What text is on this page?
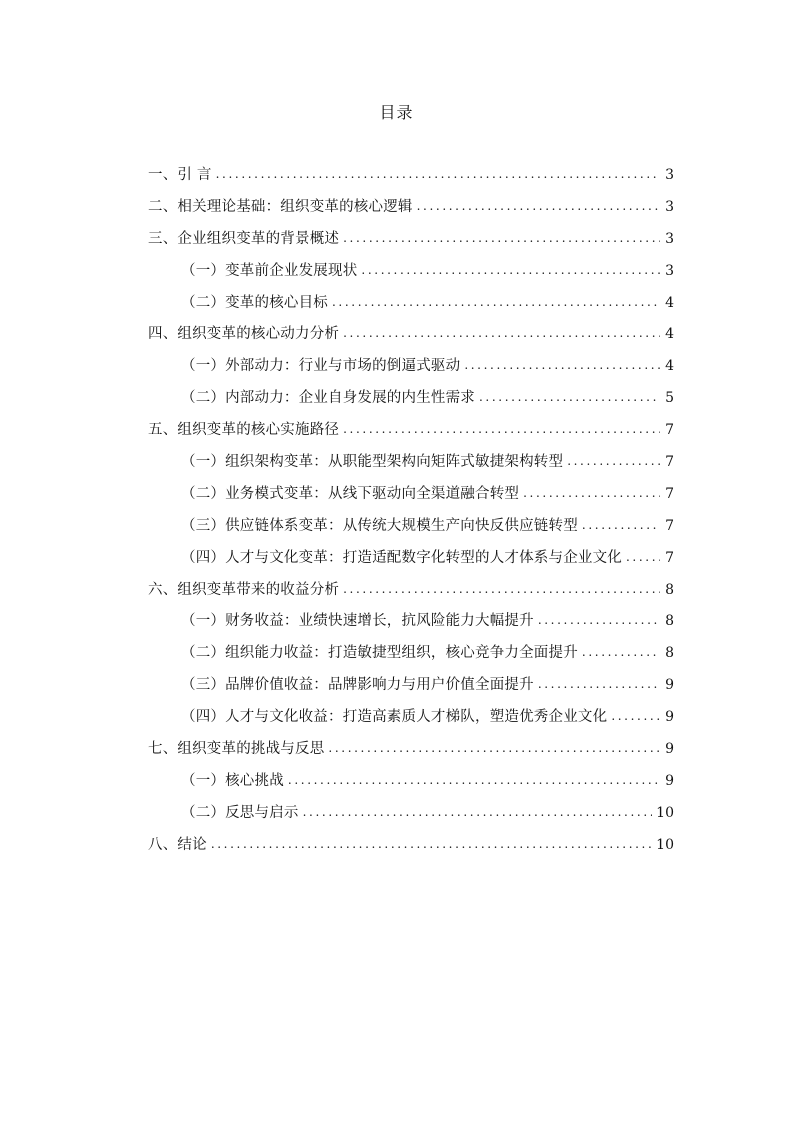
目录
一、引 言 . . .	3
二、相关理论基础：组织变革的核心逻辑 . . .	3
三、企业组织变革的背景概述 . . .	3
（一）变革前企业发展现状 . . .	3
（二）变革的核心目标 . . .	4
四、组织变革的核心动力分析 . . .	4
（一）外部动力：行业与市场的倒逼式驱动 . . .	4
（二）内部动力：企业自身发展的内生性需求 . . .	5
五、组织变革的核心实施路径 . . .	7
（一）组织架构变革：从职能型架构向矩阵式敏捷架构转型 . . .	7
（二）业务模式变革：从线下驱动向全渠道融合转型 . . .	7
（三）供应链体系变革：从传统大规模生产向快反供应链转型 . . .	7
（四）人才与文化变革：打造适配数字化转型的人才体系与企业文化 . . .	7
六、组织变革带来的收益分析 . . .	8
（一）财务收益：业绩快速增长，抗风险能力大幅提升 . . .	8
（二）组织能力收益：打造敏捷型组织，核心竞争力全面提升 . . .	8
（三）品牌价值收益：品牌影响力与用户价值全面提升 . . .	9
（四）人才与文化收益：打造高素质人才梯队，塑造优秀企业文化 . . .	9
七、组织变革的挑战与反思 . . .	9
（一）核心挑战 . . .	9
（二）反思与启示 . . .	10
八、结论 . . .	10
